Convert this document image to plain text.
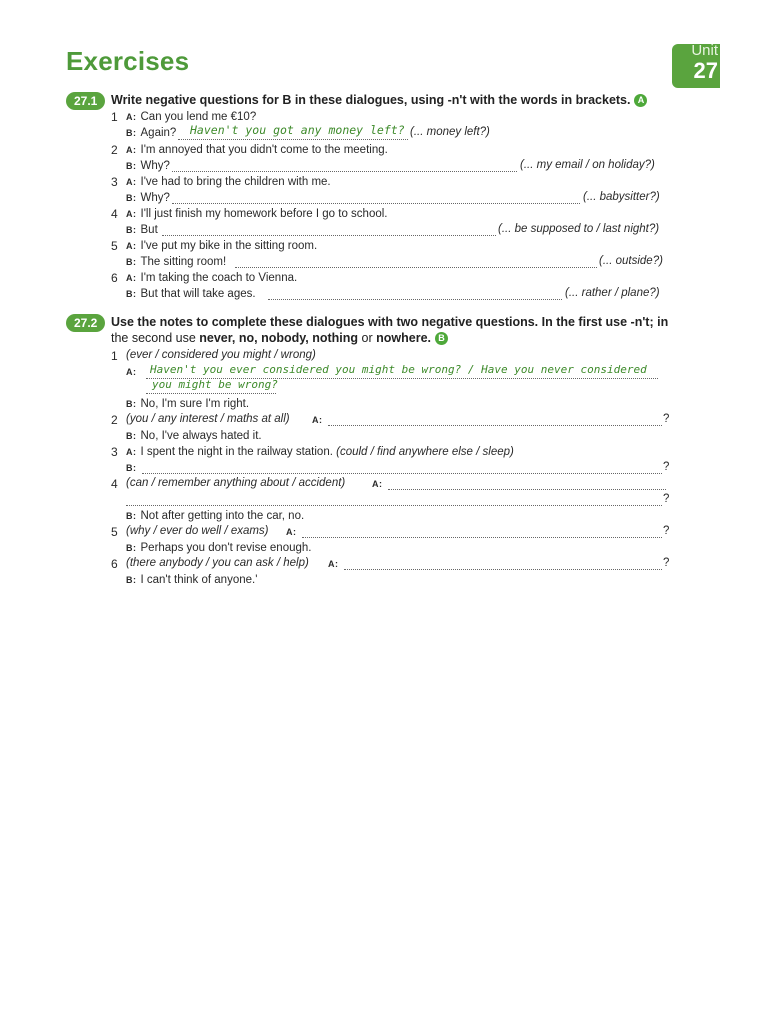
Exercises	Unit
27
27.1	Write negative questions for B in these dialogues, using -n't with the words in brackets. A
1 A: Can you lend me €10?
B: Again? Haven't you got any money left? (... money left?)
2 A: I'm annoyed that you didn't come to the meeting.
B: Why?	(... my email / on holiday?)
3 A: I've had to bring the children with me.
B: Why?	(... babysitter?)
4 A: I'll just finish my homework before I go to school.
B: But	(... be supposed to / last night?)
5 A: I've put my bike in the sitting room.
B: The sitting room!	(... outside?)
6 A: I'm taking the coach to Vienna.
B: But that will take ages.	(... rather / plane?)
27.2	Use the notes to complete these dialogues with two negative questions. In the first use -n't; in
the second use never, no, nobody, nothing or nowhere. B
1 (ever / considered you might / wrong)
A:	Haven't you ever considered you might be wrong? / Have you never considered
you might be wrong?
B: No, I'm sure I'm right.
2 (you / any interest / maths at all) A:	?
B: No, I've always hated it.
3 A: I spent the night in the railway station. (could / find anywhere else / sleep)
B:	?
4 (can / remember anything about / accident)	A:
?
B: Not after getting into the car, no.
5 (why / ever do well / exams) A:	?
B: Perhaps you don't revise enough.
6 (there anybody / you can ask / help) A:	?
B: I can't think of anyone.'
